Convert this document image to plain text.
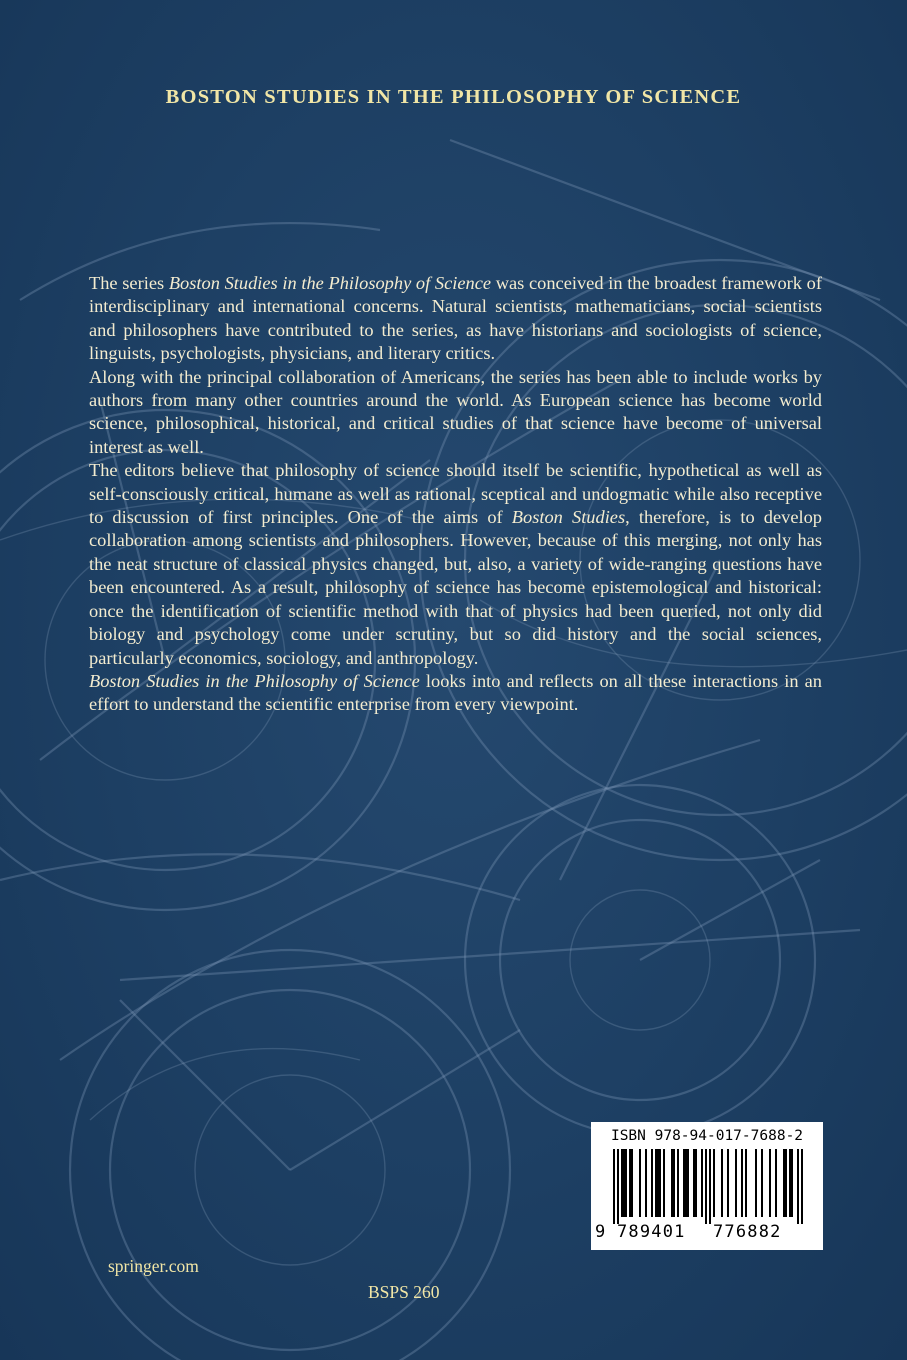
BOSTON STUDIES IN THE PHILOSOPHY OF SCIENCE

The series Boston Studies in the Philosophy of Science was conceived in the broadest framework of interdisciplinary and international concerns. Natural scientists, mathematicians, social scientists and philosophers have contributed to the series, as have historians and sociologists of science, linguists, psychologists, physicians, and literary critics.

Along with the principal collaboration of Americans, the series has been able to include works by authors from many other countries around the world. As European science has become world science, philosophical, historical, and critical studies of that science have become of universal interest as well.

The editors believe that philosophy of science should itself be scientific, hypothetical as well as self-consciously critical, humane as well as rational, sceptical and undogmatic while also receptive to discussion of first principles. One of the aims of Boston Studies, therefore, is to develop collaboration among scientists and philosophers. However, because of this merging, not only has the neat structure of classical physics changed, but, also, a variety of wide-ranging questions have been encountered. As a result, philosophy of science has become epistemological and historical: once the identification of scientific method with that of physics had been queried, not only did biology and psychology come under scrutiny, but so did history and the social sciences, particularly economics, sociology, and anthropology.

Boston Studies in the Philosophy of Science looks into and reflects on all these interactions in an effort to understand the scientific enterprise from every viewpoint.

ISBN 978-94-017-7688-2
9 789401 776882
springer.com
BSPS 260
